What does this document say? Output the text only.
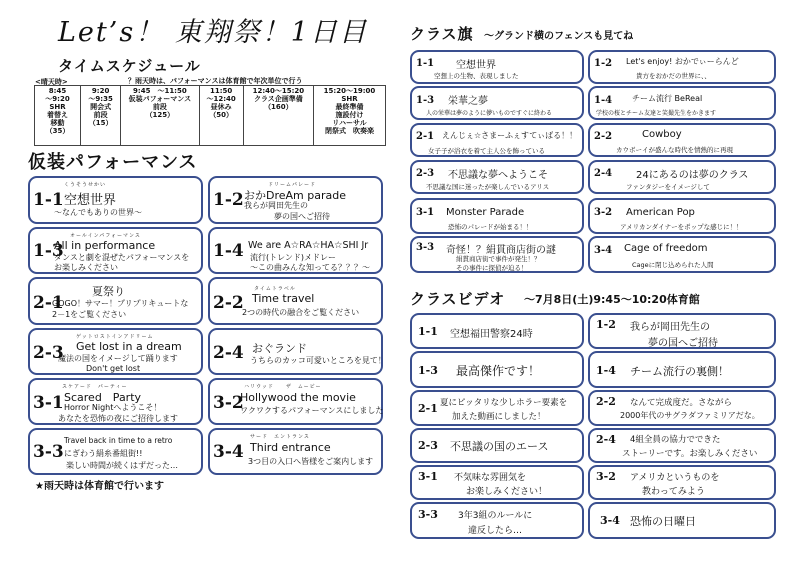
Let’s！ 東翔祭！1日目
タイムスケジュール
？雨天時は、パフォーマンスは体育館で年次単位で行う
<晴天時>
8:45
～9:20
SHR
着替え
移動
（35）

9:20
～9:35
開会式
前段
（15）

9:45　～11:50
仮装パフォーマンス
前段
（125）

11:50
～12:40
昼休み
（50）

12:40～15:20
クラス企画準備
（160）

15:20～19:00
SHR
最終準備
施設付け
リハーサル
閉祭式　吹奏楽
仮装パフォーマンス
1-1
くうそうせかい
空想世界
～なんでもありの世界～
1-2
ドリームパレード
おかDreAm parade
我らが岡田先生の
夢の国へご招待
1-3
オールインパフォーマンス
All in performance
ダンスと劇を混ぜたパフォーマンスを
お楽しみください
1-4 We are A☆RA☆HA☆SHI Jr
流行(トレンド)メドレー
～この曲みんな知ってる？？？～
2-1
夏祭り
GOGO！サマー！プリプリキュートな
2－1をご覧ください
2-2
タイムトラベル
Time travel
2つの時代の融合をご覧ください
2-3
ゲットロストインアドリーム
Get lost in a dream
魔法の国をイメージして踊ります
Don't get lost
2-4 おぐランド
うちらのカッコ可愛いところを見て！
3-1
スケアード　パーティー
Scared　Party
Horror Nightへようこそ！
あなたを恐怖の夜にご招待します
3-2
ハリウッド　　ザ　ムービー
Hollywood the movie
ワクワクするパフォーマンスにしました
3-3
Travel back in time to a retro
にぎわう絹糸番組街!!
楽しい時間が続くはずだった…
3-4
サード　エントランス
Third entrance
3つ目の入口へ皆様をご案内します
★雨天時は体育館で行います
クラス旗 ～グランド横のフェンスも見てね
1-1 空想世界
空想上の生物、表現しました
1-2 Let's enjoy! おかでぃーらんど
貴方をおかだの世界に、、
1-3 栄華之夢
人の栄華は夢のように儚いものですぐに終わる
1-4 チーム流行 BeReal
学校の桜とチーム友達と笑撮先生をかきます
2-1 えんじぇ☆さまーふぇすてぃばる！！
女子子が浴衣を着て主人公を飾っている
2-2	Cowboy
カウボーイが盛んな時代を情熱的に再現
2-3 不思議な夢へようこそ
不思議な国に迷ったが楽しんでいるアリス
2-4 24にあるのは夢のクラス
ファンタジーをイメージして
3-1 Monster Parade
恐怖のパレードが始まる！！
3-2 American Pop
アメリカンダイナーをポップな感じに！！
3-3 奇怪！？絹貫商店街の謎
絹貫商店街で事件が発生！？
その事件に探偵が迫る！
3-4 Cage of freedom
Cageに閉じ込められた人間
クラスビデオ ～7月8日(土)9:45～10:20体育館
1-1 空想福田警察24時
1-2 我らが岡田先生の
夢の国へご招待
1-3 最高傑作です！	1-4 チーム流行の裏側！
2-1 夏にピッタリな少しホラー要素を
加えた動画にしました！
2-2 なんて完成度だ。さながら
2000年代のサグラダファミリアだな。
2-3 不思議の国のエース
2-4 4組全員の協力でできた
ストーリーです。お楽しみください
3-1 不気味な雰囲気を
お楽しみください！
3-2 アメリカというものを
教わってみよう
3-3 3年3組のルールに
違反したら…
3-4 恐怖の日曜日
